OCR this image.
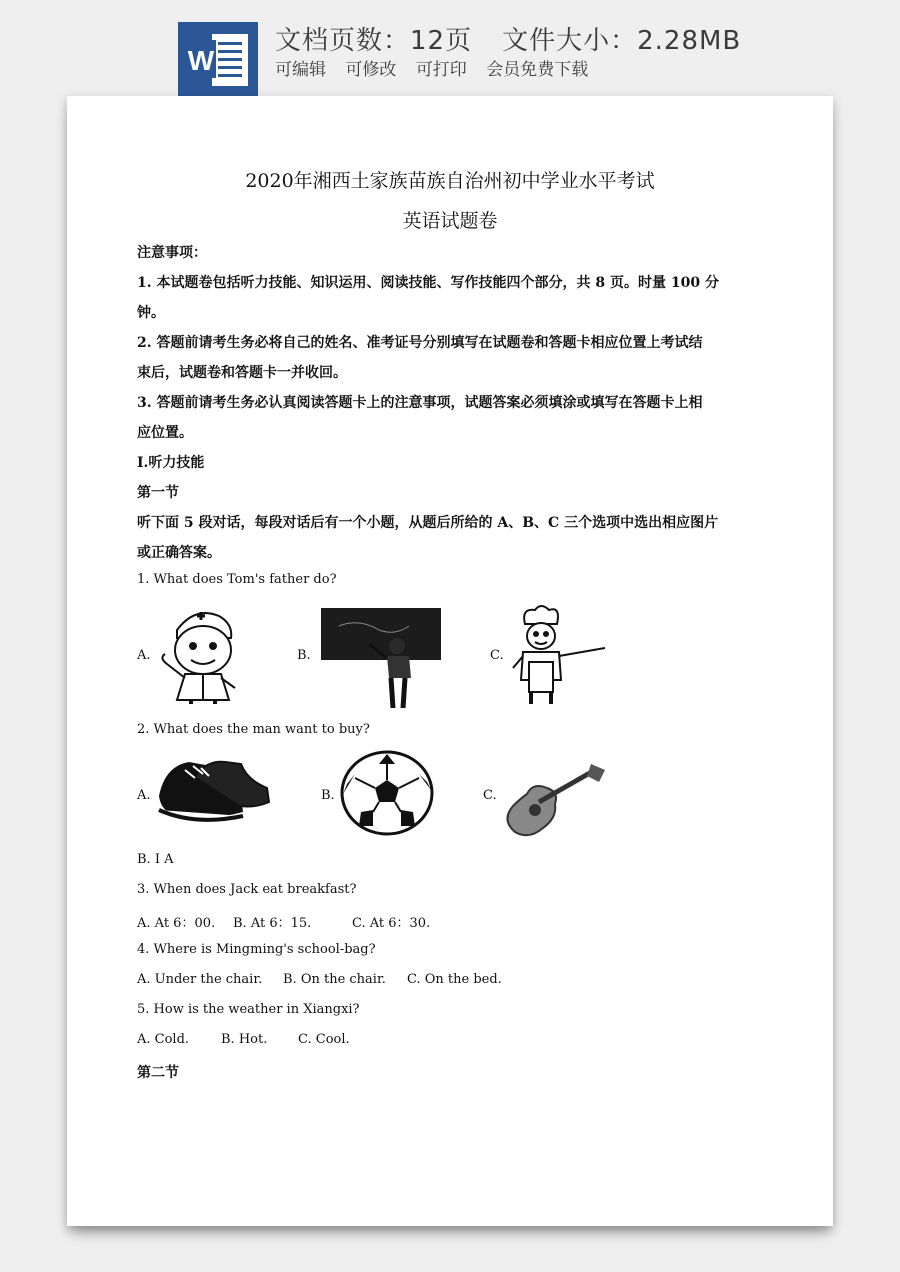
W
文档页数：12页 文件大小：2.28MB
可编辑 可修改 可打印 会员免费下载
2020年湘西土家族苗族自治州初中学业水平考试
英语试题卷
注意事项：
1. 本试题卷包括听力技能、知识运用、阅读技能、写作技能四个部分，共 8 页。时量 100 分
钟。
2. 答题前请考生务必将自己的姓名、准考证号分别填写在试题卷和答题卡相应位置上考试结
束后，试题卷和答题卡一并收回。
3. 答题前请考生务必认真阅读答题卡上的注意事项，试题答案必须填涂或填写在答题卡上相
应位置。
I.听力技能
第一节
听下面 5 段对话，每段对话后有一个小题，从题后所给的 A、B、C 三个选项中选出相应图片
或正确答案。
1. What does Tom's father do?
A.	B.	C.
2. What does the man want to buy?
A.	B.	C.
B. I A
3. When does Jack eat breakfast?
A. At 6：00. B. At 6：15.	C. At 6：30.
4. Where is Mingming's school-bag?
A. Under the chair. B. On the chair. C. On the bed.
5. How is the weather in Xiangxi?
A. Cold. B. Hot. C. Cool.
第二节
